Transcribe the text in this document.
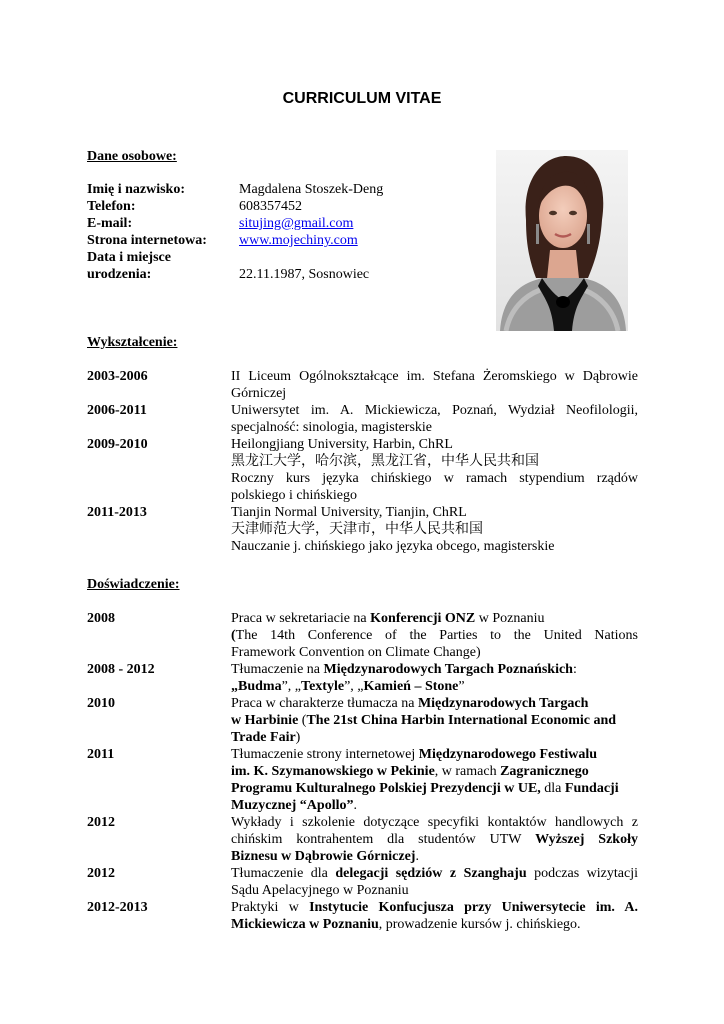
CURRICULUM VITAE
Dane osobowe:
Imię i nazwisko:	Magdalena Stoszek-Deng
Telefon:	608357452
E-mail:	situjing@gmail.com
Strona internetowa:	www.mojechiny.com
Data i miejsce
urodzenia:	22.11.1987, Sosnowiec
Wykształcenie:
2003-2006	II Liceum Ogólnokształcące im. Stefana Żeromskiego w Dąbrowie

Górniczej

2006-2011	Uniwersytet im. A. Mickiewicza, Poznań, Wydział Neofilologii,

specjalność: sinologia, magisterskie

2009-2010	Heilongjiang University, Harbin, ChRL

黑龙江大学，哈尔滨，黑龙江省，中华人民共和国

Roczny kurs języka chińskiego w ramach stypendium rządów

polskiego i chińskiego

2011-2013	Tianjin Normal University, Tianjin, ChRL

天津师范大学，天津市，中华人民共和国

Nauczanie j. chińskiego jako języka obcego, magisterskie

Doświadczenie:
2008	Praca w sekretariacie na Konferencji ONZ w Poznaniu

(The 14th Conference of the Parties to the United Nations

Framework Convention on Climate Change)

2008 - 2012	Tłumaczenie na Międzynarodowych Targach Poznańskich:

„Budma”, „Textyle”, „Kamień – Stone”

2010	Praca w charakterze tłumacza na Międzynarodowych Targach

w Harbinie (The 21st China Harbin International Economic and

Trade Fair)

2011	Tłumaczenie strony internetowej Międzynarodowego Festiwalu

im. K. Szymanowskiego w Pekinie, w ramach Zagranicznego

Programu Kulturalnego Polskiej Prezydencji w UE, dla Fundacji

Muzycznej “Apollo”.

2012	Wykłady i szkolenie dotyczące specyfiki kontaktów handlowych z

chińskim kontrahentem dla studentów UTW Wyższej Szkoły

Biznesu w Dąbrowie Górniczej.

2012	Tłumaczenie dla delegacji sędziów z Szanghaju podczas wizytacji

Sądu Apelacyjnego w Poznaniu

2012-2013	Praktyki w Instytucie Konfucjusza przy Uniwersytecie im. A.

Mickiewicza w Poznaniu, prowadzenie kursów j. chińskiego.
